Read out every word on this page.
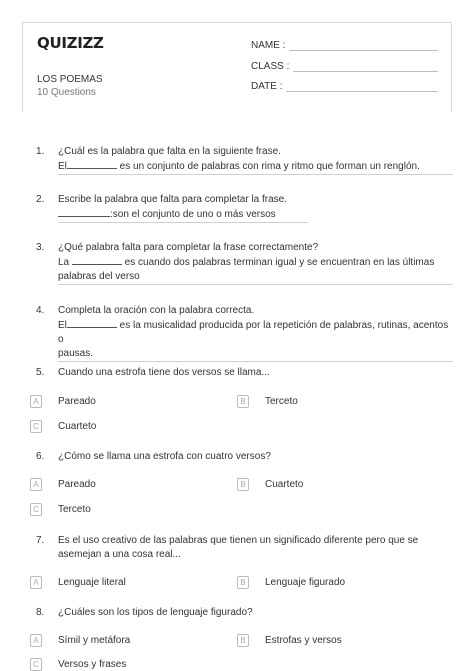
QUIZIZZ
LOS POEMAS
10 Questions
NAME :
CLASS :
DATE :
1.	¿Cuál es la palabra que falta en la siguiente frase.
El	es un conjunto de palabras con rima y ritmo que forman un renglón.
2.	Escribe la palabra que falta para completar la frase.
:son el conjunto de uno o más versos
3.	¿Qué palabra falta para completar la frase correctamente?
La	es cuando dos palabras terminan igual y se encuentran en las últimas
palabras del verso
4.	Completa la oración con la palabra correcta.
El	es la musicalidad producida por la repetición de palabras, rutinas, acentos o
pausas.
5.	Cuando una estrofa tiene dos versos se llama...
A	Pareado	B	Terceto
C	Cuarteto
6.	¿Cómo se llama una estrofa con cuatro versos?
A	Pareado	B	Cuarteto
C	Terceto
7.	Es el uso creativo de las palabras que tienen un significado diferente pero que se
asemejan a una cosa real...
A	Lenguaje literal	B	Lenguaje figurado
8.	¿Cuáles son los tipos de lenguaje figurado?
A	Símil y metáfora	B	Estrofas y versos
C	Versos y frases
